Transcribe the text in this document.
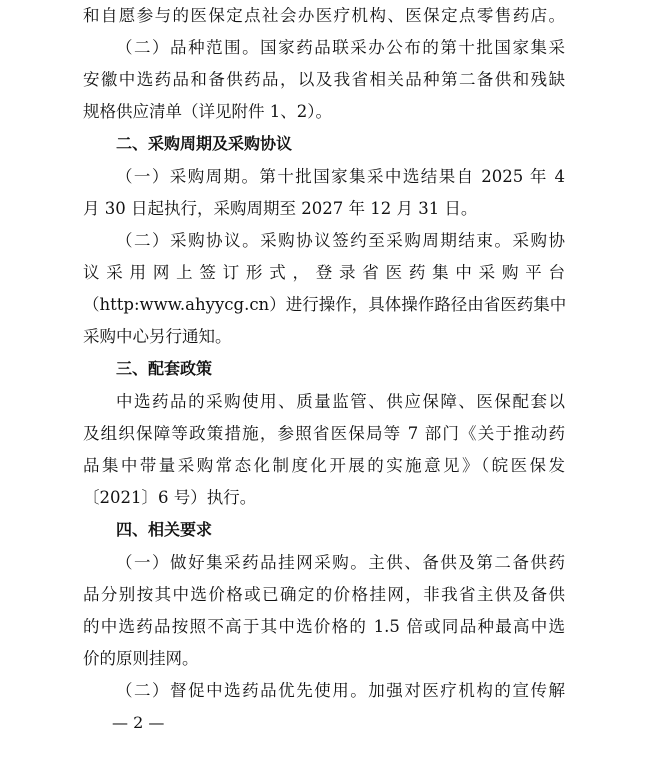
和自愿参与的医保定点社会办医疗机构、医保定点零售药店。
（二）品种范围。国家药品联采办公布的第十批国家集采
安徽中选药品和备供药品，以及我省相关品种第二备供和残缺
规格供应清单（详见附件 1、2）。
二、采购周期及采购协议
（一）采购周期。第十批国家集采中选结果自 2025 年 4
月 30 日起执行，采购周期至 2027 年 12 月 31 日。
（二）采购协议。采购协议签约至采购周期结束。采购协
议采用网上签订形式，登录省医药集中采购平台
（http:www.ahyycg.cn）进行操作，具体操作路径由省医药集中
采购中心另行通知。
三、配套政策
中选药品的采购使用、质量监管、供应保障、医保配套以
及组织保障等政策措施，参照省医保局等 7 部门《关于推动药
品集中带量采购常态化制度化开展的实施意见》（皖医保发
〔2021〕6 号）执行。
四、相关要求
（一）做好集采药品挂网采购。主供、备供及第二备供药
品分别按其中选价格或已确定的价格挂网，非我省主供及备供
的中选药品按照不高于其中选价格的 1.5 倍或同品种最高中选
价的原则挂网。
（二）督促中选药品优先使用。加强对医疗机构的宣传解
— 2 —
